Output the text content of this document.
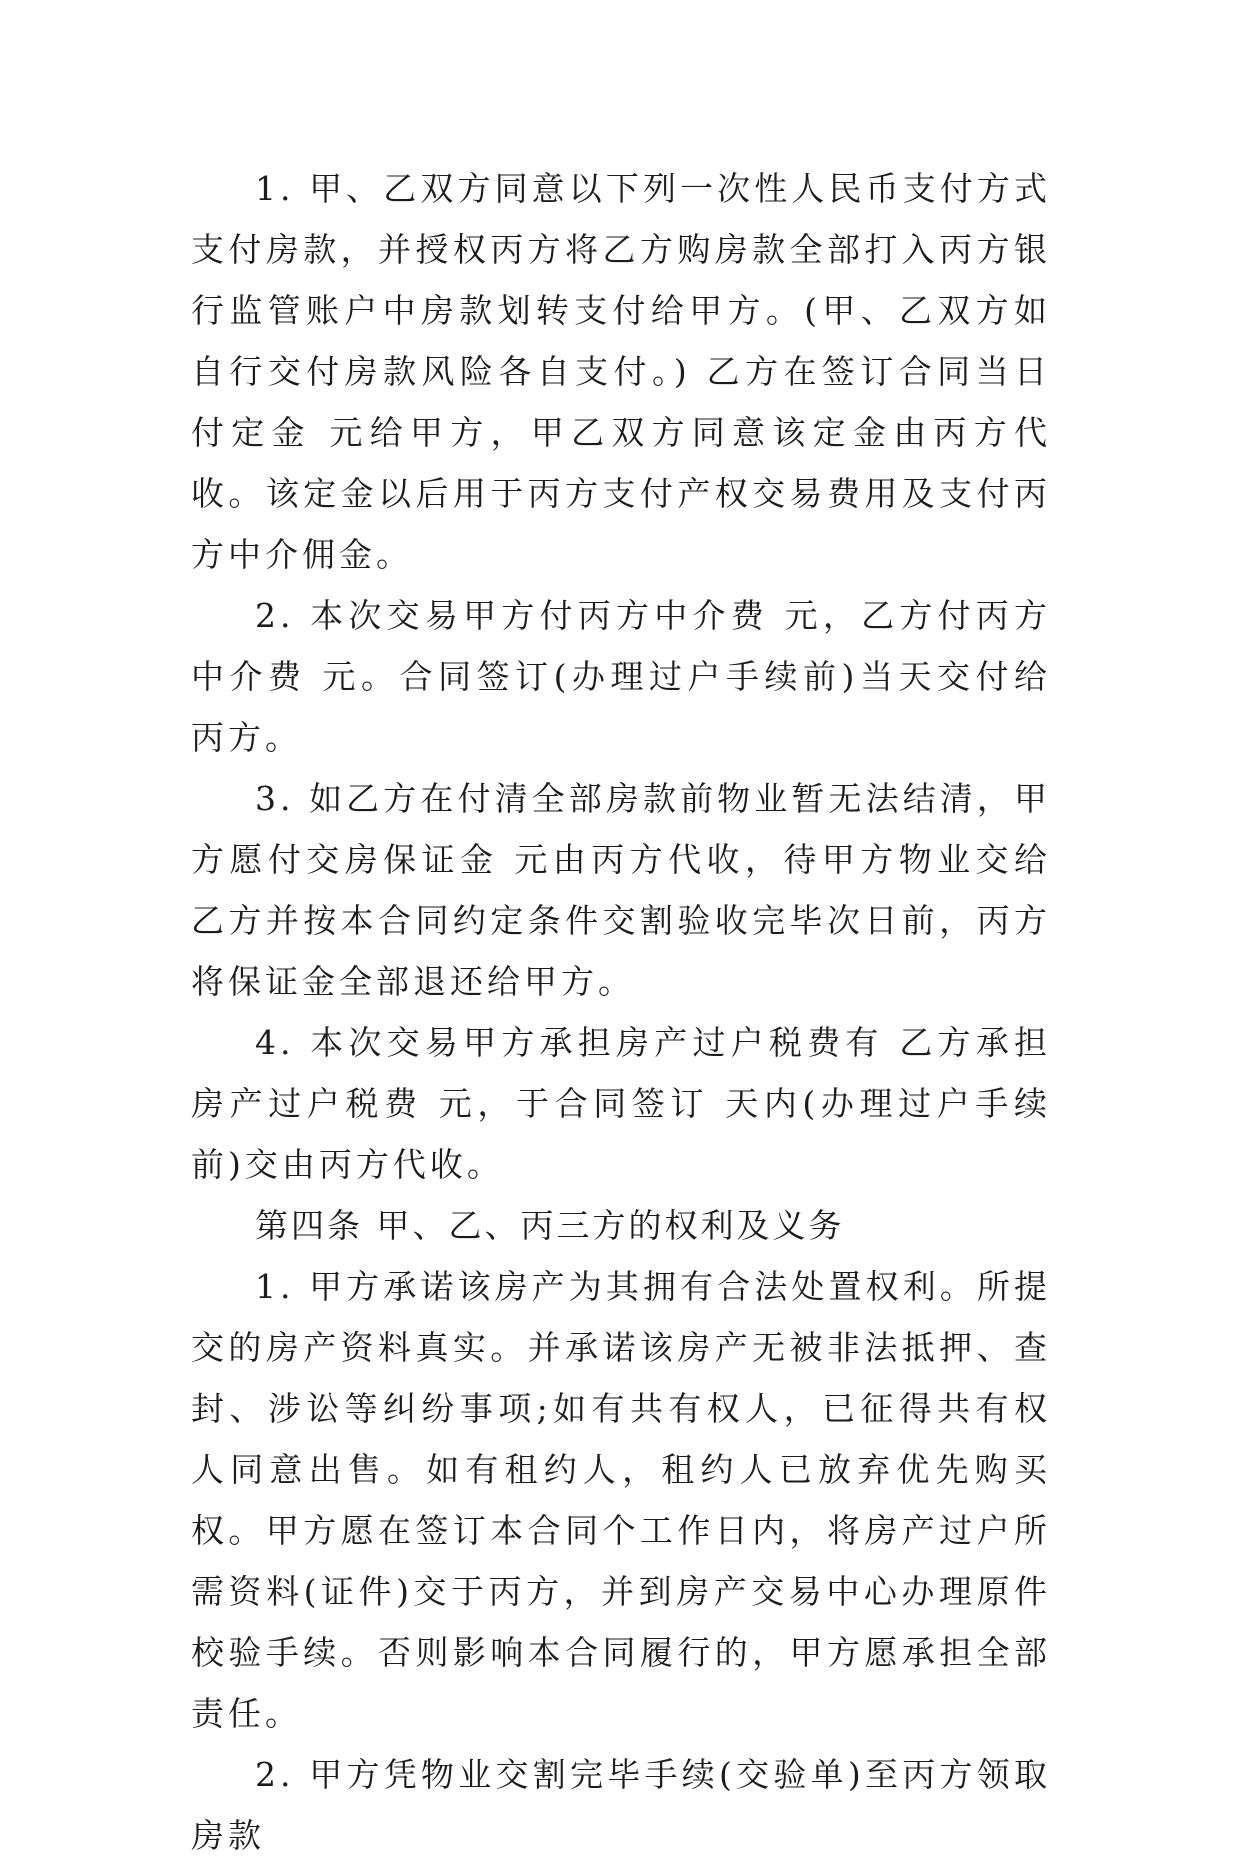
1. 甲、乙双方同意以下列一次性人民币支付方式支付房款，并授权丙方将乙方购房款全部打入丙方银行监管账户中房款划转支付给甲方。(甲、乙双方如自行交付房款风险各自支付。) 乙方在签订合同当日付定金 元给甲方，甲乙双方同意该定金由丙方代收。该定金以后用于丙方支付产权交易费用及支付丙方中介佣金。

2. 本次交易甲方付丙方中介费 元，乙方付丙方中介费 元。合同签订(办理过户手续前)当天交付给丙方。

3. 如乙方在付清全部房款前物业暂无法结清，甲方愿付交房保证金 元由丙方代收，待甲方物业交给乙方并按本合同约定条件交割验收完毕次日前，丙方将保证金全部退还给甲方。

4. 本次交易甲方承担房产过户税费有 乙方承担房产过户税费 元，于合同签订 天内(办理过户手续前)交由丙方代收。

第四条 甲、乙、丙三方的权利及义务

1. 甲方承诺该房产为其拥有合法处置权利。所提交的房产资料真实。并承诺该房产无被非法抵押、查封、涉讼等纠纷事项;如有共有权人，已征得共有权人同意出售。如有租约人，租约人已放弃优先购买权。甲方愿在签订本合同个工作日内，将房产过户所需资料(证件)交于丙方，并到房产交易中心办理原件校验手续。否则影响本合同履行的，甲方愿承担全部责任。

2. 甲方凭物业交割完毕手续(交验单)至丙方领取房款
